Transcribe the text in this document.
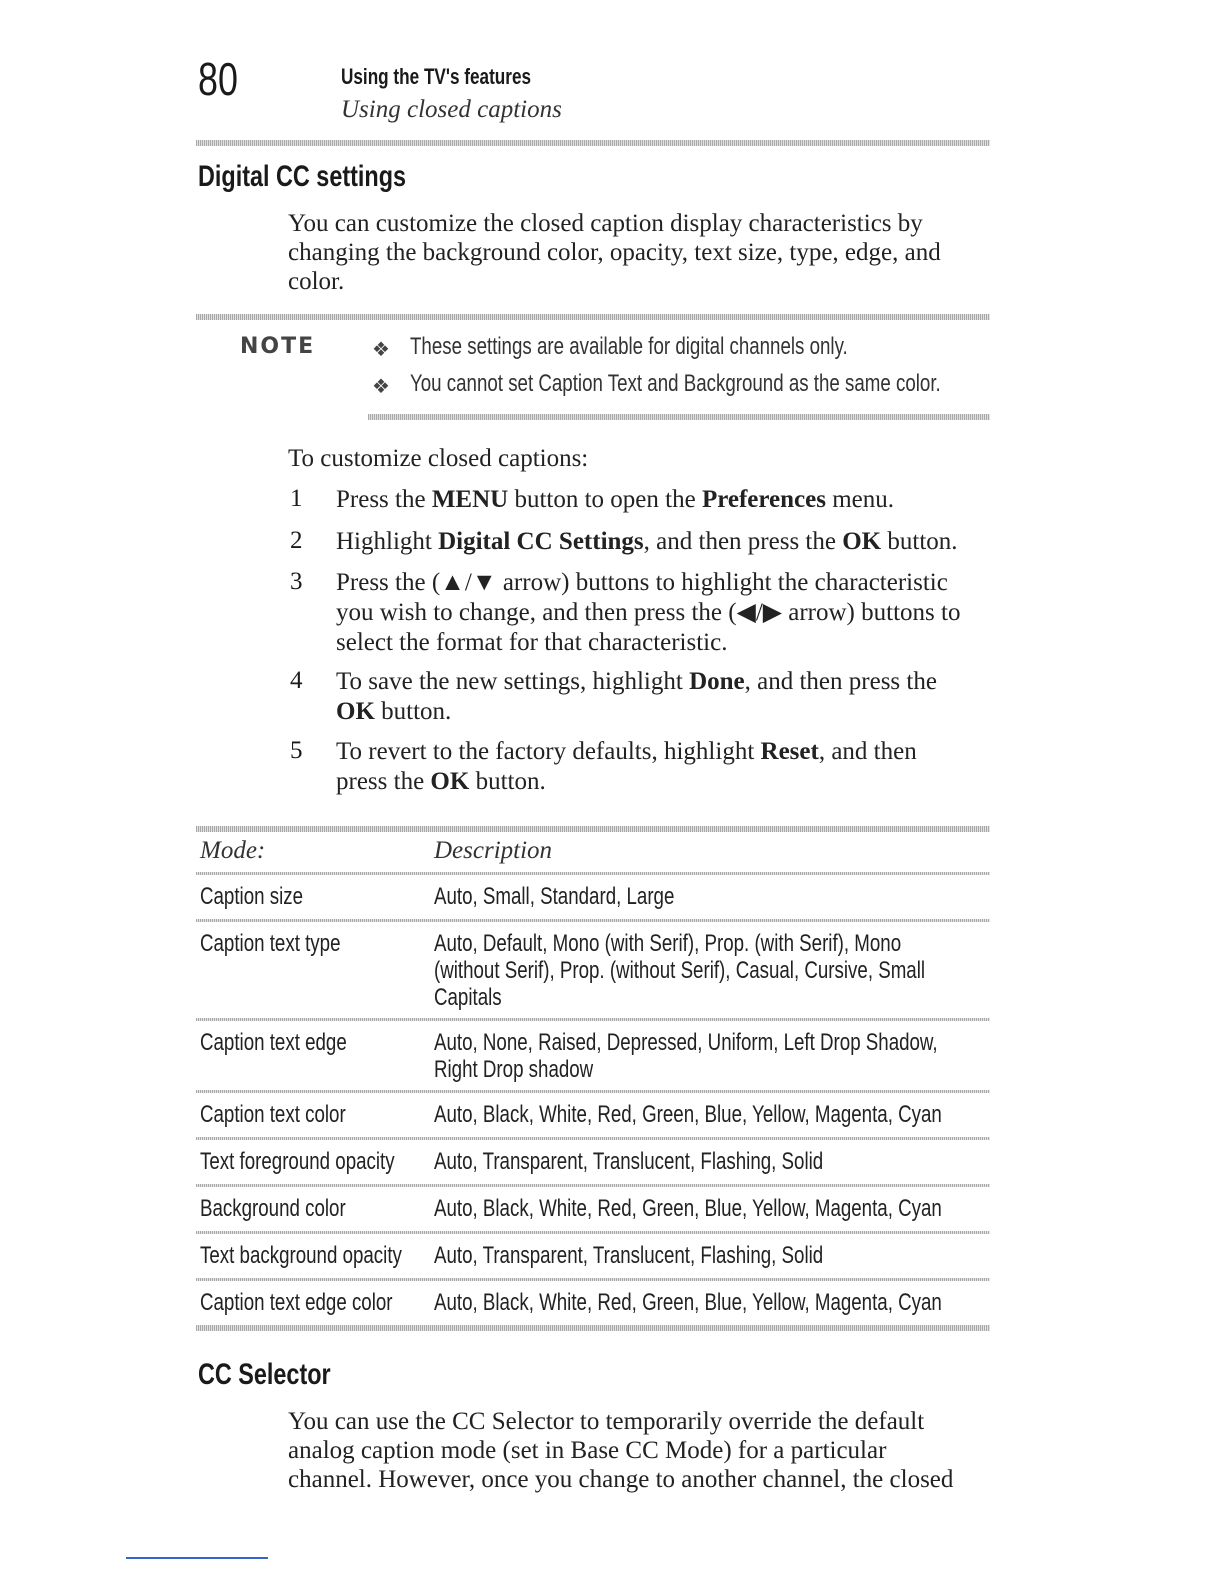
80	Using the TV's features
Using closed captions
Digital CC settings
You can customize the closed caption display characteristics by
changing the background color, opacity, text size, type, edge, and
color.
NOTE	❖ These settings are available for digital channels only.
❖ You cannot set Caption Text and Background as the same color.
To customize closed captions:
1 Press the MENU button to open the Preferences menu.
2 Highlight Digital CC Settings, and then press the OK button.
3 Press the (▲/▼ arrow) buttons to highlight the characteristic
you wish to change, and then press the (◀/▶ arrow) buttons to
select the format for that characteristic.
4 To save the new settings, highlight Done, and then press the
OK button.
5 To revert to the factory defaults, highlight Reset, and then
press the OK button.
Mode:	Description
Caption size	Auto, Small, Standard, Large
Caption text type	Auto, Default, Mono (with Serif), Prop. (with Serif), Mono
(without Serif), Prop. (without Serif), Casual, Cursive, Small
Capitals
Caption text edge	Auto, None, Raised, Depressed, Uniform, Left Drop Shadow,
Right Drop shadow
Caption text color	Auto, Black, White, Red, Green, Blue, Yellow, Magenta, Cyan
Text foreground opacity Auto, Transparent, Translucent, Flashing, Solid
Background color	Auto, Black, White, Red, Green, Blue, Yellow, Magenta, Cyan
Text background opacity Auto, Transparent, Translucent, Flashing, Solid
Caption text edge color Auto, Black, White, Red, Green, Blue, Yellow, Magenta, Cyan
CC Selector
You can use the CC Selector to temporarily override the default
analog caption mode (set in Base CC Mode) for a particular
channel. However, once you change to another channel, the closed
